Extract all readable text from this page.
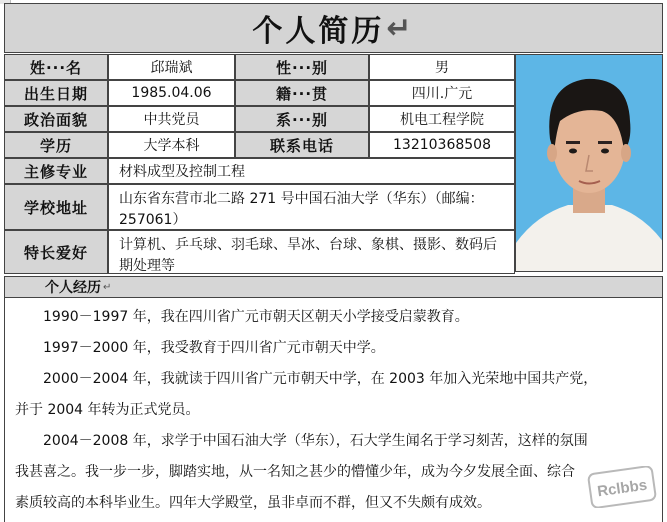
个人简历 ↵
姓···名	邱瑞斌	性···别	男
出生日期	1985.04.06	籍···贯	四川.广元
政治面貌	中共党员	系···别	机电工程学院
学历	大学本科	联系电话	13210368508
主修专业	材料成型及控制工程
学校地址	山东省东营市北二路 271 号中国石油大学（华东）（邮编：257061）
特长爱好	计算机、乒乓球、羽毛球、旱冰、台球、象棋、摄影、数码后期处理等
个人经历 ↵

1990－1997 年，我在四川省广元市朝天区朝天小学接受启蒙教育。

1997－2000 年，我受教育于四川省广元市朝天中学。

2000－2004 年，我就读于四川省广元市朝天中学，在 2003 年加入光荣地中国共产党，

并于 2004 年转为正式党员。

2004－2008 年，求学于中国石油大学（华东），石大学生闻名于学习刻苦，这样的氛围

我甚喜之。我一步一步，脚踏实地，从一名知之甚少的懵懂少年，成为今夕发展全面、综合

素质较高的本科毕业生。四年大学殿堂，虽非卓而不群，但又不失颇有成效。

Rclbbs
